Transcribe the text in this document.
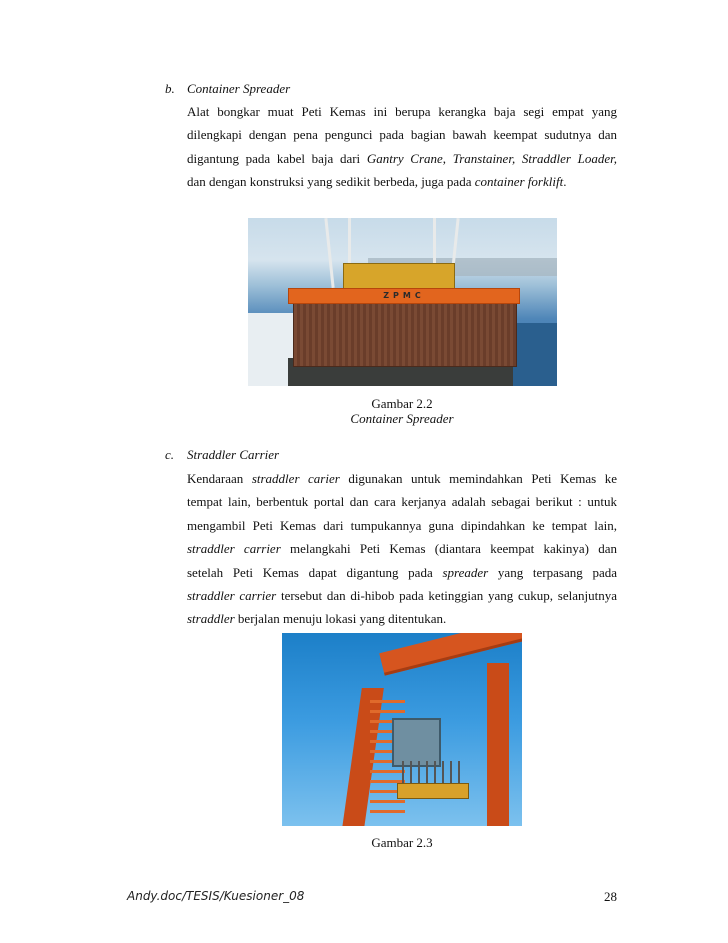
b. Container Spreader
Alat bongkar muat Peti Kemas ini berupa kerangka baja segi empat yang
dilengkapi dengan pena pengunci pada bagian bawah keempat sudutnya dan
digantung pada kabel baja dari Gantry Crane, Transtainer, Straddler Loader,
dan dengan konstruksi yang sedikit berbeda, juga pada container forklift.
ZPMC
Gambar 2.2
Container Spreader
c. Straddler Carrier
Kendaraan straddler carier digunakan untuk memindahkan Peti Kemas ke
tempat lain, berbentuk portal dan cara kerjanya adalah sebagai berikut : untuk
mengambil Peti Kemas dari tumpukannya guna dipindahkan ke tempat lain,
straddler carrier melangkahi Peti Kemas (diantara keempat kakinya) dan
setelah Peti Kemas dapat digantung pada spreader yang terpasang pada
straddler carrier tersebut dan di-hibob pada ketinggian yang cukup, selanjutnya
straddler berjalan menuju lokasi yang ditentukan.
Gambar 2.3
Andy.doc/TESIS/Kuesioner_08	28
